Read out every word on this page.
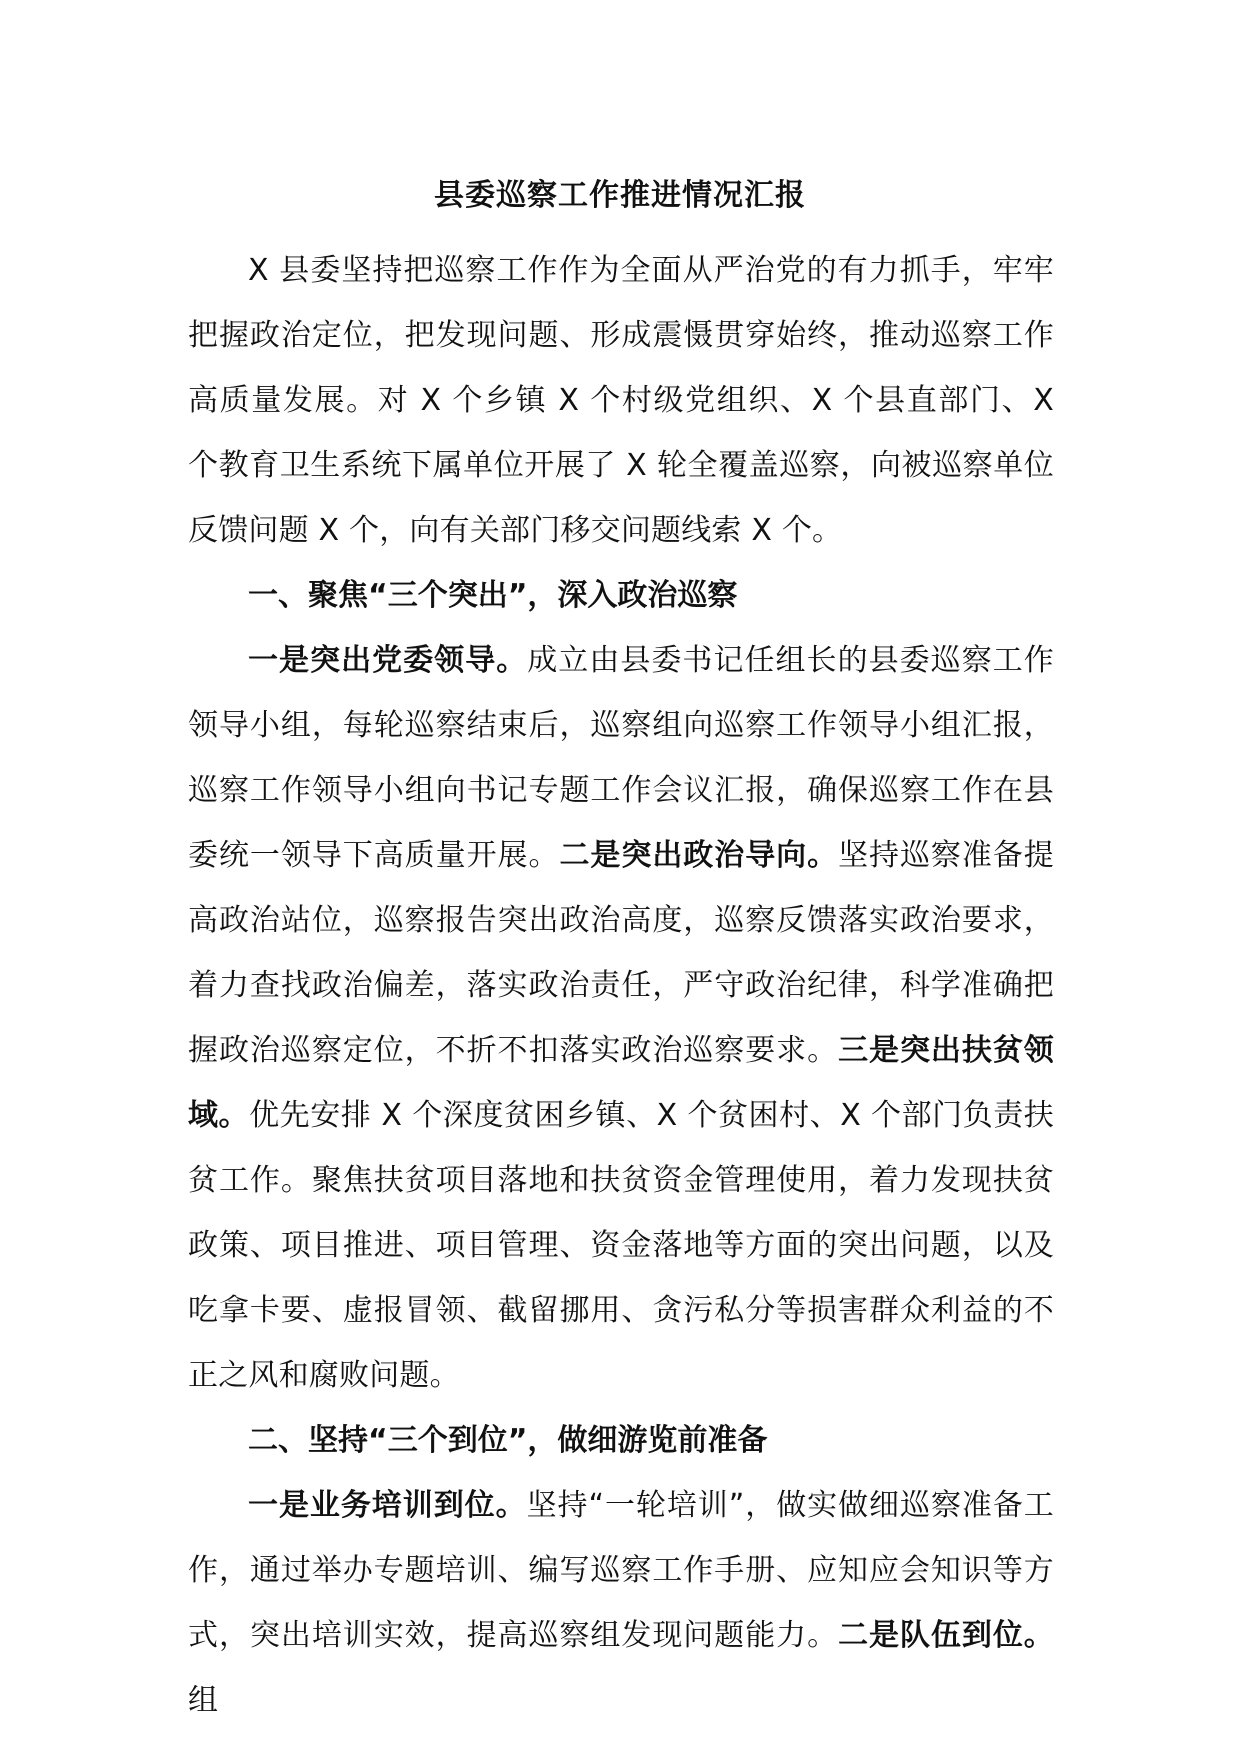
县委巡察工作推进情况汇报

X 县委坚持把巡察工作作为全面从严治党的有力抓手，牢牢把握政治定位，把发现问题、形成震慑贯穿始终，推动巡察工作高质量发展。对 X 个乡镇 X 个村级党组织、X 个县直部门、X 个教育卫生系统下属单位开展了 X 轮全覆盖巡察，向被巡察单位反馈问题 X 个，向有关部门移交问题线索 X 个。

一、聚焦“三个突出”，深入政治巡察

一是突出党委领导。成立由县委书记任组长的县委巡察工作领导小组，每轮巡察结束后，巡察组向巡察工作领导小组汇报，巡察工作领导小组向书记专题工作会议汇报，确保巡察工作在县委统一领导下高质量开展。二是突出政治导向。坚持巡察准备提高政治站位，巡察报告突出政治高度，巡察反馈落实政治要求，着力查找政治偏差，落实政治责任，严守政治纪律，科学准确把握政治巡察定位，不折不扣落实政治巡察要求。三是突出扶贫领域。优先安排 X 个深度贫困乡镇、X 个贫困村、X 个部门负责扶贫工作。聚焦扶贫项目落地和扶贫资金管理使用，着力发现扶贫政策、项目推进、项目管理、资金落地等方面的突出问题，以及吃拿卡要、虚报冒领、截留挪用、贪污私分等损害群众利益的不正之风和腐败问题。

二、坚持“三个到位”，做细游览前准备

一是业务培训到位。坚持“一轮培训”，做实做细巡察准备工作，通过举办专题培训、编写巡察工作手册、应知应会知识等方式，突出培训实效，提高巡察组发现问题能力。二是队伍到位。组
